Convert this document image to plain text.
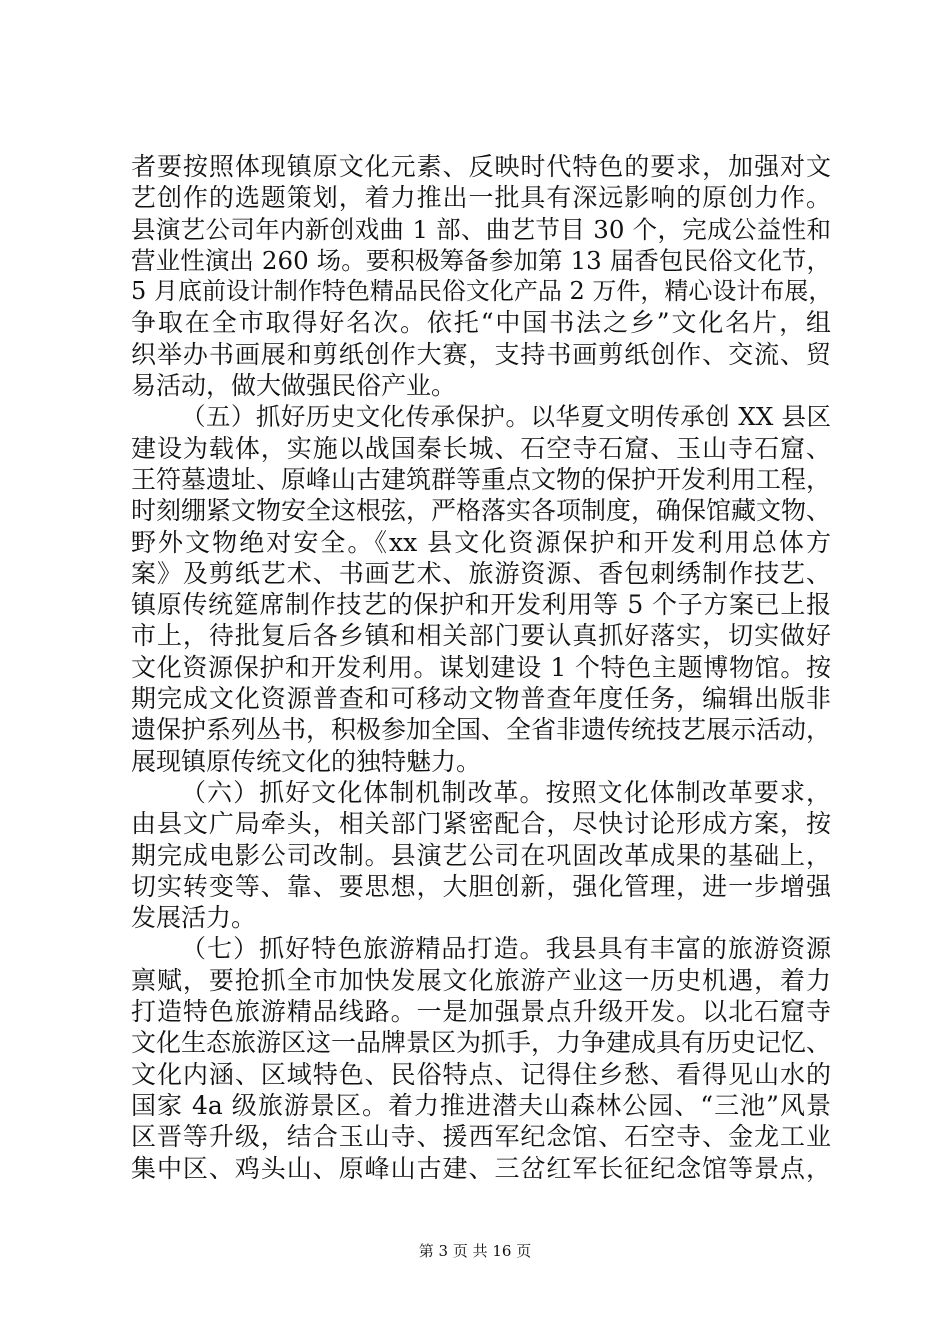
者要按照体现镇原文化元素、反映时代特色的要求，加强对文
艺创作的选题策划，着力推出一批具有深远影响的原创力作。
县演艺公司年内新创戏曲 1 部、曲艺节目 30 个，完成公益性和
营业性演出 260 场。要积极筹备参加第 13 届香包民俗文化节，
5 月底前设计制作特色精品民俗文化产品 2 万件，精心设计布展，
争取在全市取得好名次。依托“中国书法之乡”文化名片，组
织举办书画展和剪纸创作大赛，支持书画剪纸创作、交流、贸
易活动，做大做强民俗产业。
（五）抓好历史文化传承保护。以华夏文明传承创 XX 县区
建设为载体，实施以战国秦长城、石空寺石窟、玉山寺石窟、
王符墓遗址、原峰山古建筑群等重点文物的保护开发利用工程，
时刻绷紧文物安全这根弦，严格落实各项制度，确保馆藏文物、
野外文物绝对安全。《xx 县文化资源保护和开发利用总体方
案》及剪纸艺术、书画艺术、旅游资源、香包刺绣制作技艺、
镇原传统筵席制作技艺的保护和开发利用等 5 个子方案已上报
市上，待批复后各乡镇和相关部门要认真抓好落实，切实做好
文化资源保护和开发利用。谋划建设 1 个特色主题博物馆。按
期完成文化资源普查和可移动文物普查年度任务，编辑出版非
遗保护系列丛书，积极参加全国、全省非遗传统技艺展示活动，
展现镇原传统文化的独特魅力。
（六）抓好文化体制机制改革。按照文化体制改革要求，
由县文广局牵头，相关部门紧密配合，尽快讨论形成方案，按
期完成电影公司改制。县演艺公司在巩固改革成果的基础上，
切实转变等、靠、要思想，大胆创新，强化管理，进一步增强
发展活力。
（七）抓好特色旅游精品打造。我县具有丰富的旅游资源
禀赋，要抢抓全市加快发展文化旅游产业这一历史机遇，着力
打造特色旅游精品线路。一是加强景点升级开发。以北石窟寺
文化生态旅游区这一品牌景区为抓手，力争建成具有历史记忆、
文化内涵、区域特色、民俗特点、记得住乡愁、看得见山水的
国家 4a 级旅游景区。着力推进潜夫山森林公园、“三池”风景
区晋等升级，结合玉山寺、援西军纪念馆、石空寺、金龙工业
集中区、鸡头山、原峰山古建、三岔红军长征纪念馆等景点，
第 3 页 共 16 页
